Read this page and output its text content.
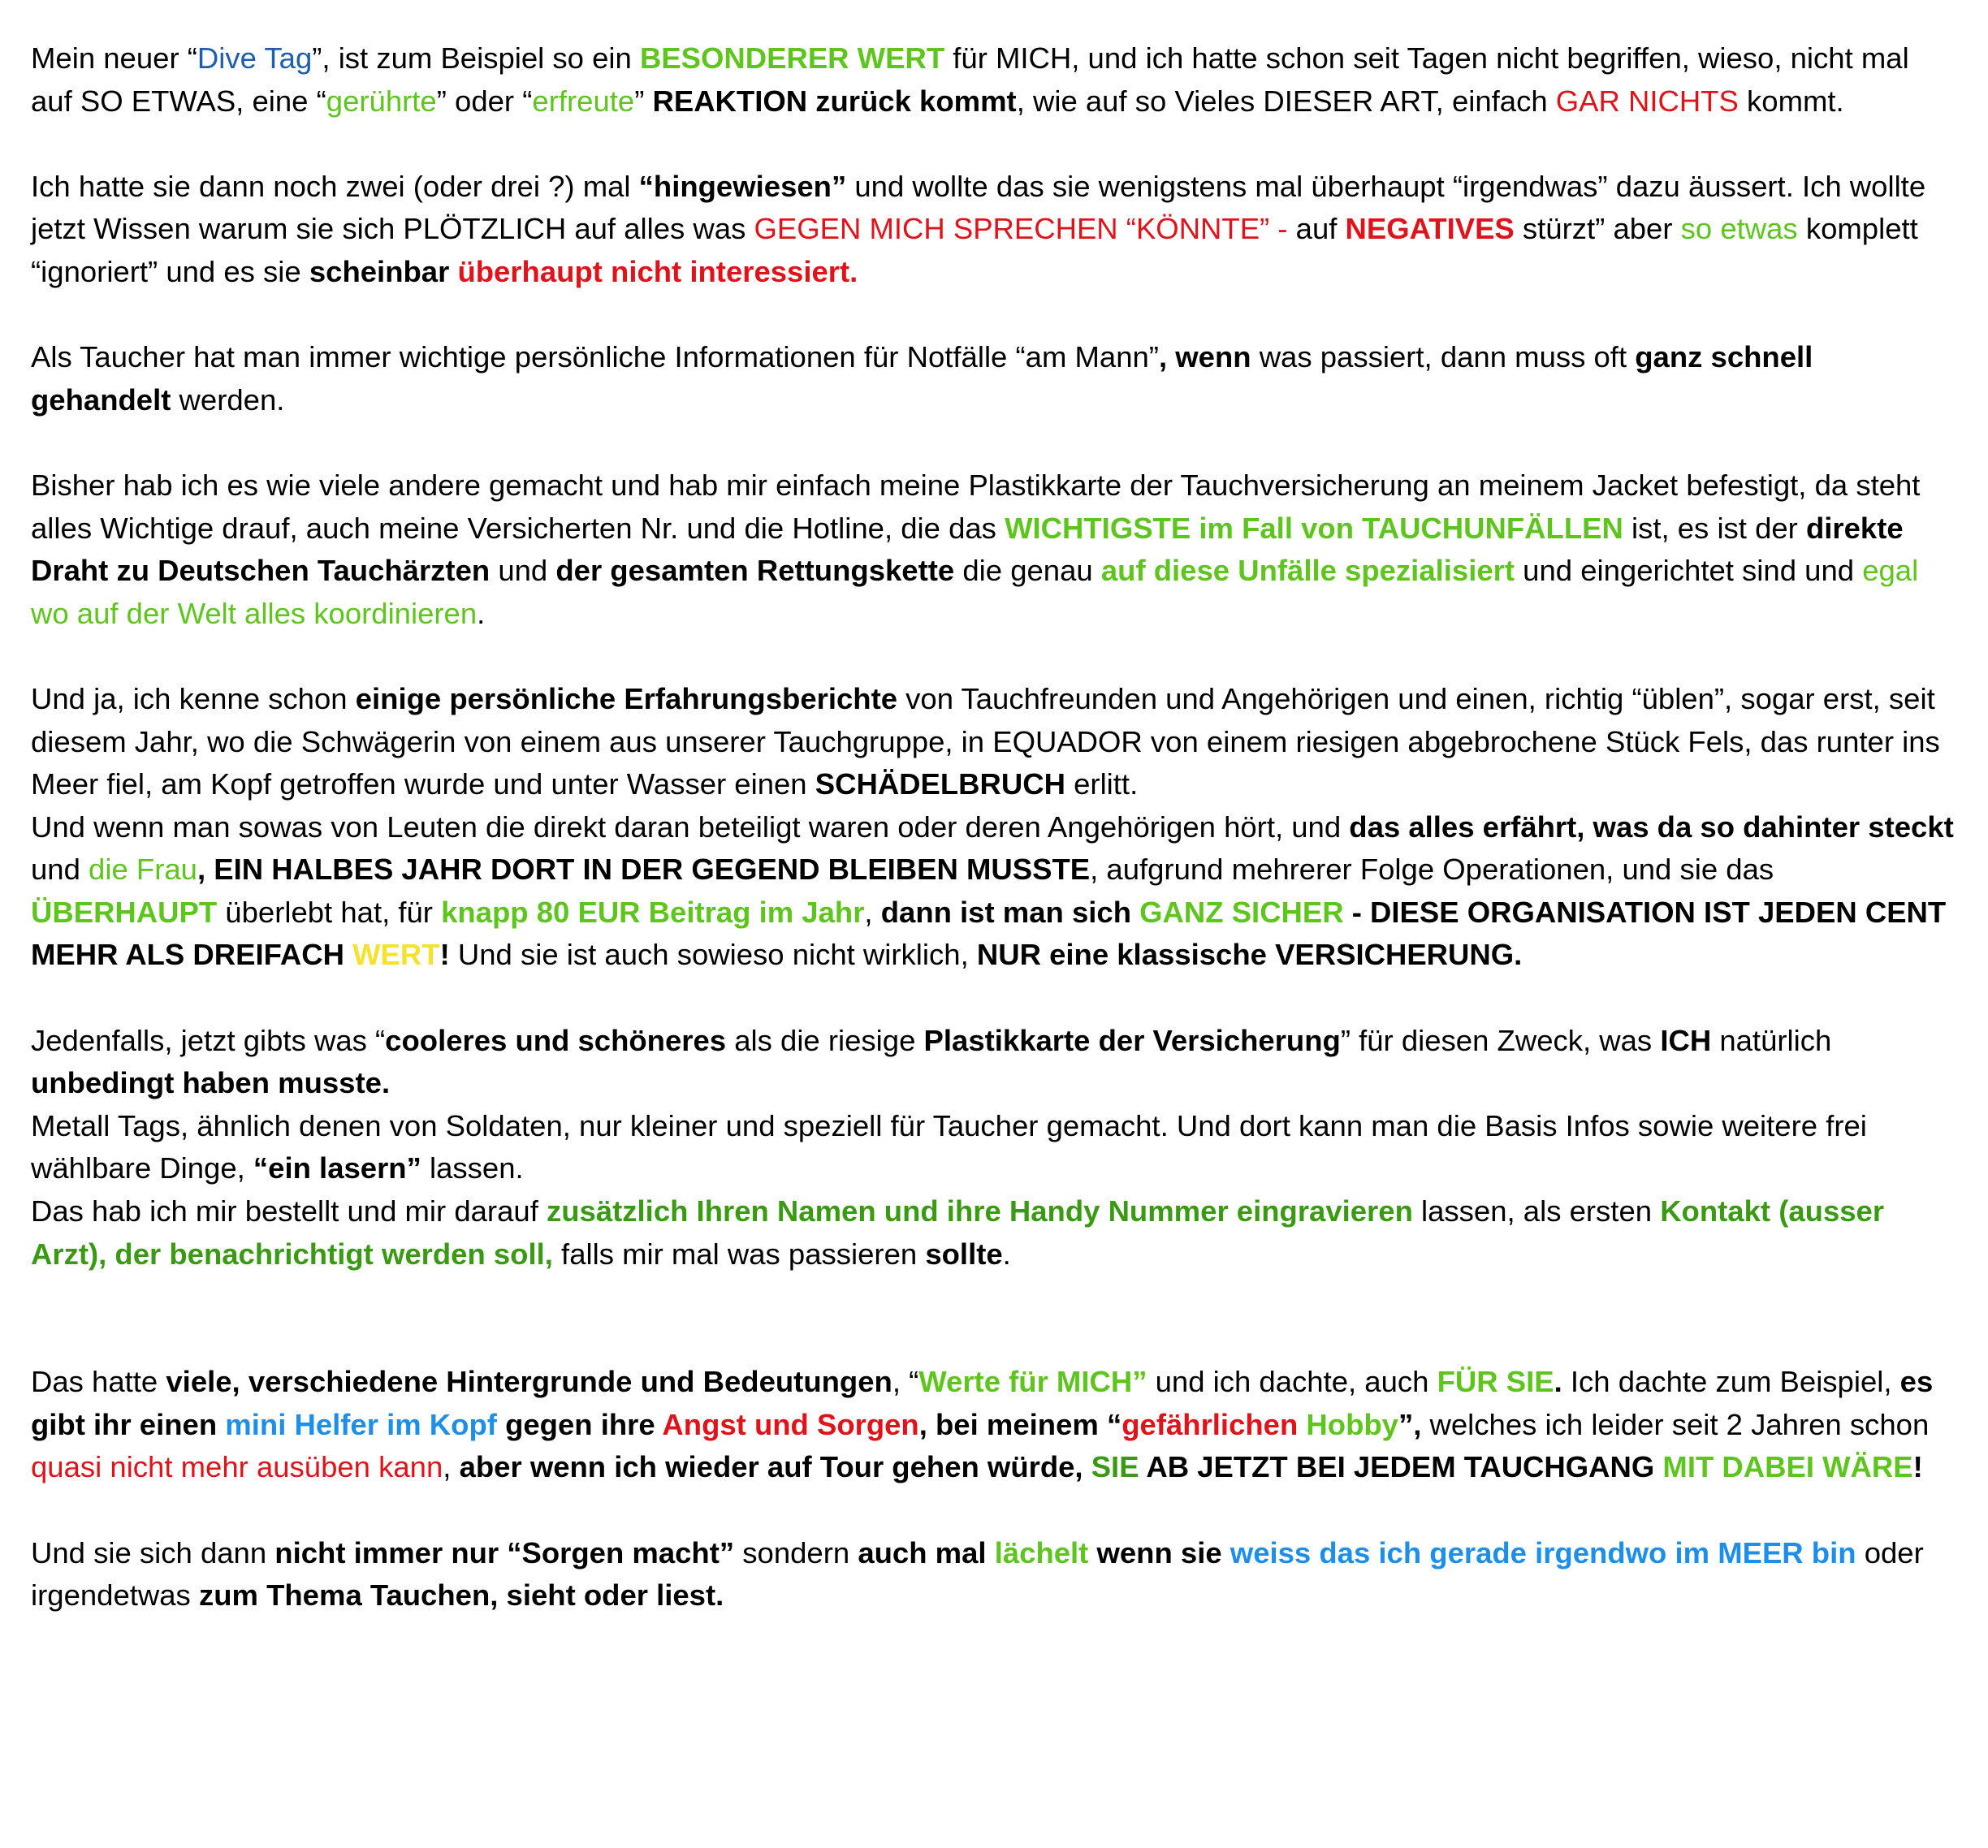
Mein neuer “Dive Tag”, ist zum Beispiel so ein BESONDERER WERT für MICH, und ich hatte schon seit Tagen nicht begriffen, wieso, nicht mal auf SO ETWAS, eine “gerührte” oder “erfreute” REAKTION zurück kommt, wie auf so Vieles DIESER ART, einfach GAR NICHTS kommt.

Ich hatte sie dann noch zwei (oder drei ?) mal “hingewiesen” und wollte das sie wenigstens mal überhaupt “irgendwas” dazu äussert. Ich wollte jetzt Wissen warum sie sich PLÖTZLICH auf alles was GEGEN MICH SPRECHEN “KÖNNTE” - auf NEGATIVES stürzt” aber so etwas komplett “ignoriert” und es sie scheinbar überhaupt nicht interessiert.

Als Taucher hat man immer wichtige persönliche Informationen für Notfälle “am Mann”, wenn was passiert, dann muss oft ganz schnell gehandelt werden.

Bisher hab ich es wie viele andere gemacht und hab mir einfach meine Plastikkarte der Tauchversicherung an meinem Jacket befestigt, da steht alles Wichtige drauf, auch meine Versicherten Nr. und die Hotline, die das WICHTIGSTE im Fall von TAUCHUNFÄLLEN ist, es ist der direkte Draht zu Deutschen Tauchärzten und der gesamten Rettungskette die genau auf diese Unfälle spezialisiert und eingerichtet sind und egal wo auf der Welt alles koordinieren.

Und ja, ich kenne schon einige persönliche Erfahrungsberichte von Tauchfreunden und Angehörigen und einen, richtig “üblen”, sogar erst, seit diesem Jahr, wo die Schwägerin von einem aus unserer Tauchgruppe, in EQUADOR von einem riesigen abgebrochene Stück Fels, das runter ins Meer fiel, am Kopf getroffen wurde und unter Wasser einen SCHÄDELBRUCH erlitt.

Und wenn man sowas von Leuten die direkt daran beteiligt waren oder deren Angehörigen hört, und das alles erfährt, was da so dahinter steckt und die Frau, EIN HALBES JAHR DORT IN DER GEGEND BLEIBEN MUSSTE, aufgrund mehrerer Folge Operationen, und sie das ÜBERHAUPT überlebt hat, für knapp 80 EUR Beitrag im Jahr, dann ist man sich GANZ SICHER - DIESE ORGANISATION IST JEDEN CENT MEHR ALS DREIFACH WERT! Und sie ist auch sowieso nicht wirklich, NUR eine klassische VERSICHERUNG.

Jedenfalls, jetzt gibts was “cooleres und schöneres als die riesige Plastikkarte der Versicherung” für diesen Zweck, was ICH natürlich unbedingt haben musste.

Metall Tags, ähnlich denen von Soldaten, nur kleiner und speziell für Taucher gemacht. Und dort kann man die Basis Infos sowie weitere frei wählbare Dinge, “ein lasern” lassen.

Das hab ich mir bestellt und mir darauf zusätzlich Ihren Namen und ihre Handy Nummer eingravieren lassen, als ersten Kontakt (ausser Arzt), der benachrichtigt werden soll, falls mir mal was passieren sollte.

Das hatte viele, verschiedene Hintergrunde und Bedeutungen, “Werte für MICH” und ich dachte, auch FÜR SIE. Ich dachte zum Beispiel, es gibt ihr einen mini Helfer im Kopf gegen ihre Angst und Sorgen, bei meinem “gefährlichen Hobby”, welches ich leider seit 2 Jahren schon quasi nicht mehr ausüben kann, aber wenn ich wieder auf Tour gehen würde, SIE AB JETZT BEI JEDEM TAUCHGANG MIT DABEI WÄRE!

Und sie sich dann nicht immer nur “Sorgen macht” sondern auch mal lächelt wenn sie weiss das ich gerade irgendwo im MEER bin oder irgendetwas zum Thema Tauchen, sieht oder liest.
